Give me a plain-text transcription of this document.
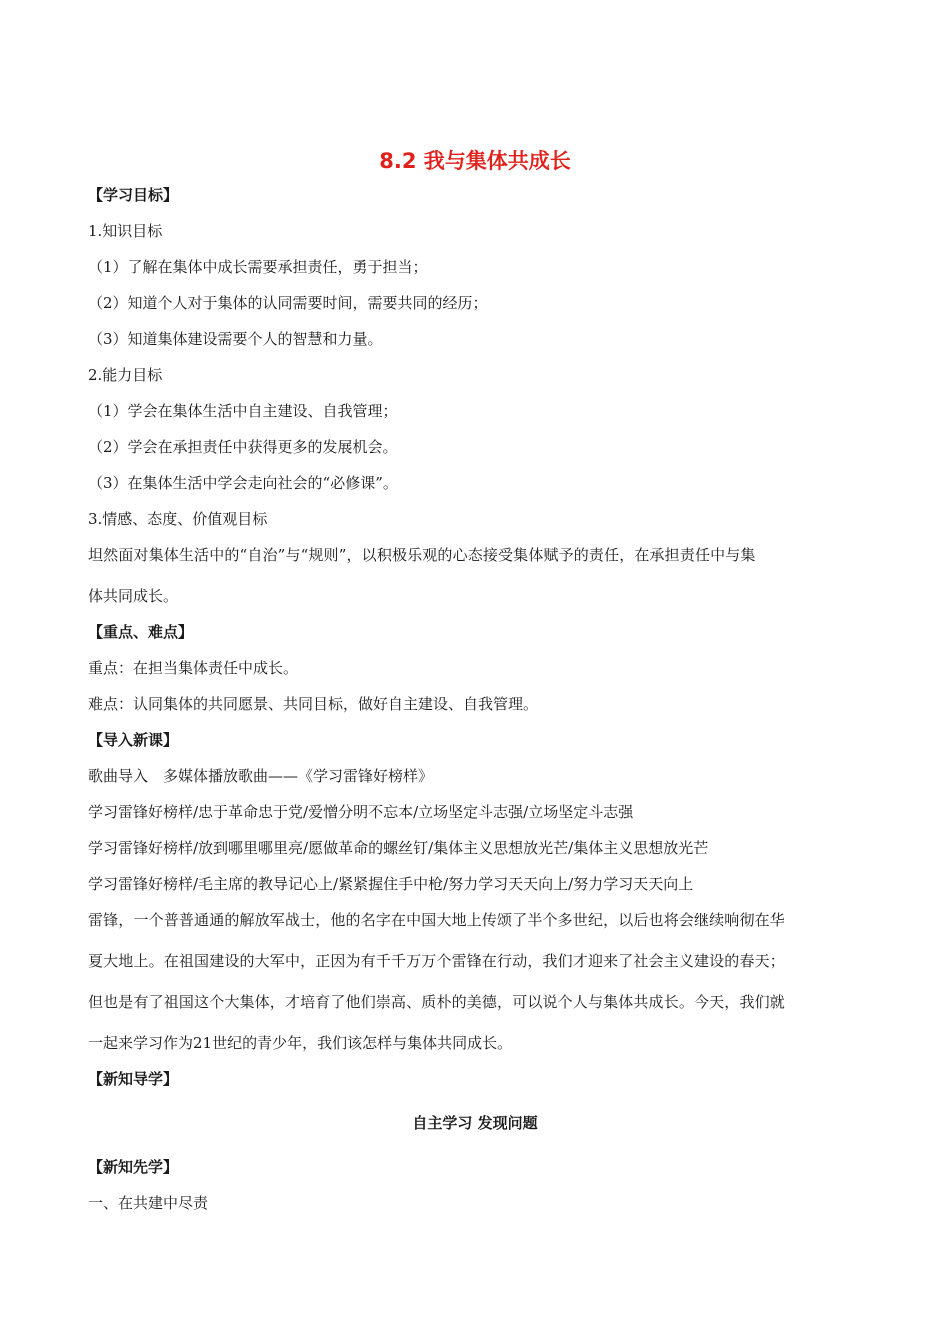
8.2 我与集体共成长
【学习目标】
1.知识目标
（1）了解在集体中成长需要承担责任，勇于担当；
（2）知道个人对于集体的认同需要时间，需要共同的经历；
（3）知道集体建设需要个人的智慧和力量。
2.能力目标
（1）学会在集体生活中自主建设、自我管理；
（2）学会在承担责任中获得更多的发展机会。
（3）在集体生活中学会走向社会的“必修课”。
3.情感、态度、价值观目标
坦然面对集体生活中的“自治”与“规则”，以积极乐观的心态接受集体赋予的责任，在承担责任中与集
体共同成长。
【重点、难点】
重点：在担当集体责任中成长。
难点：认同集体的共同愿景、共同目标，做好自主建设、自我管理。
【导入新课】
歌曲导入　多媒体播放歌曲——《学习雷锋好榜样》
学习雷锋好榜样/忠于革命忠于党/爱憎分明不忘本/立场坚定斗志强/立场坚定斗志强
学习雷锋好榜样/放到哪里哪里亮/愿做革命的螺丝钉/集体主义思想放光芒/集体主义思想放光芒
学习雷锋好榜样/毛主席的教导记心上/紧紧握住手中枪/努力学习天天向上/努力学习天天向上
雷锋，一个普普通通的解放军战士，他的名字在中国大地上传颂了半个多世纪，以后也将会继续响彻在华
夏大地上。在祖国建设的大军中，正因为有千千万万个雷锋在行动，我们才迎来了社会主义建设的春天；
但也是有了祖国这个大集体，才培育了他们崇高、质朴的美德，可以说个人与集体共成长。今天，我们就
一起来学习作为21世纪的青少年，我们该怎样与集体共同成长。
【新知导学】
自主学习 发现问题
【新知先学】
一、在共建中尽责
